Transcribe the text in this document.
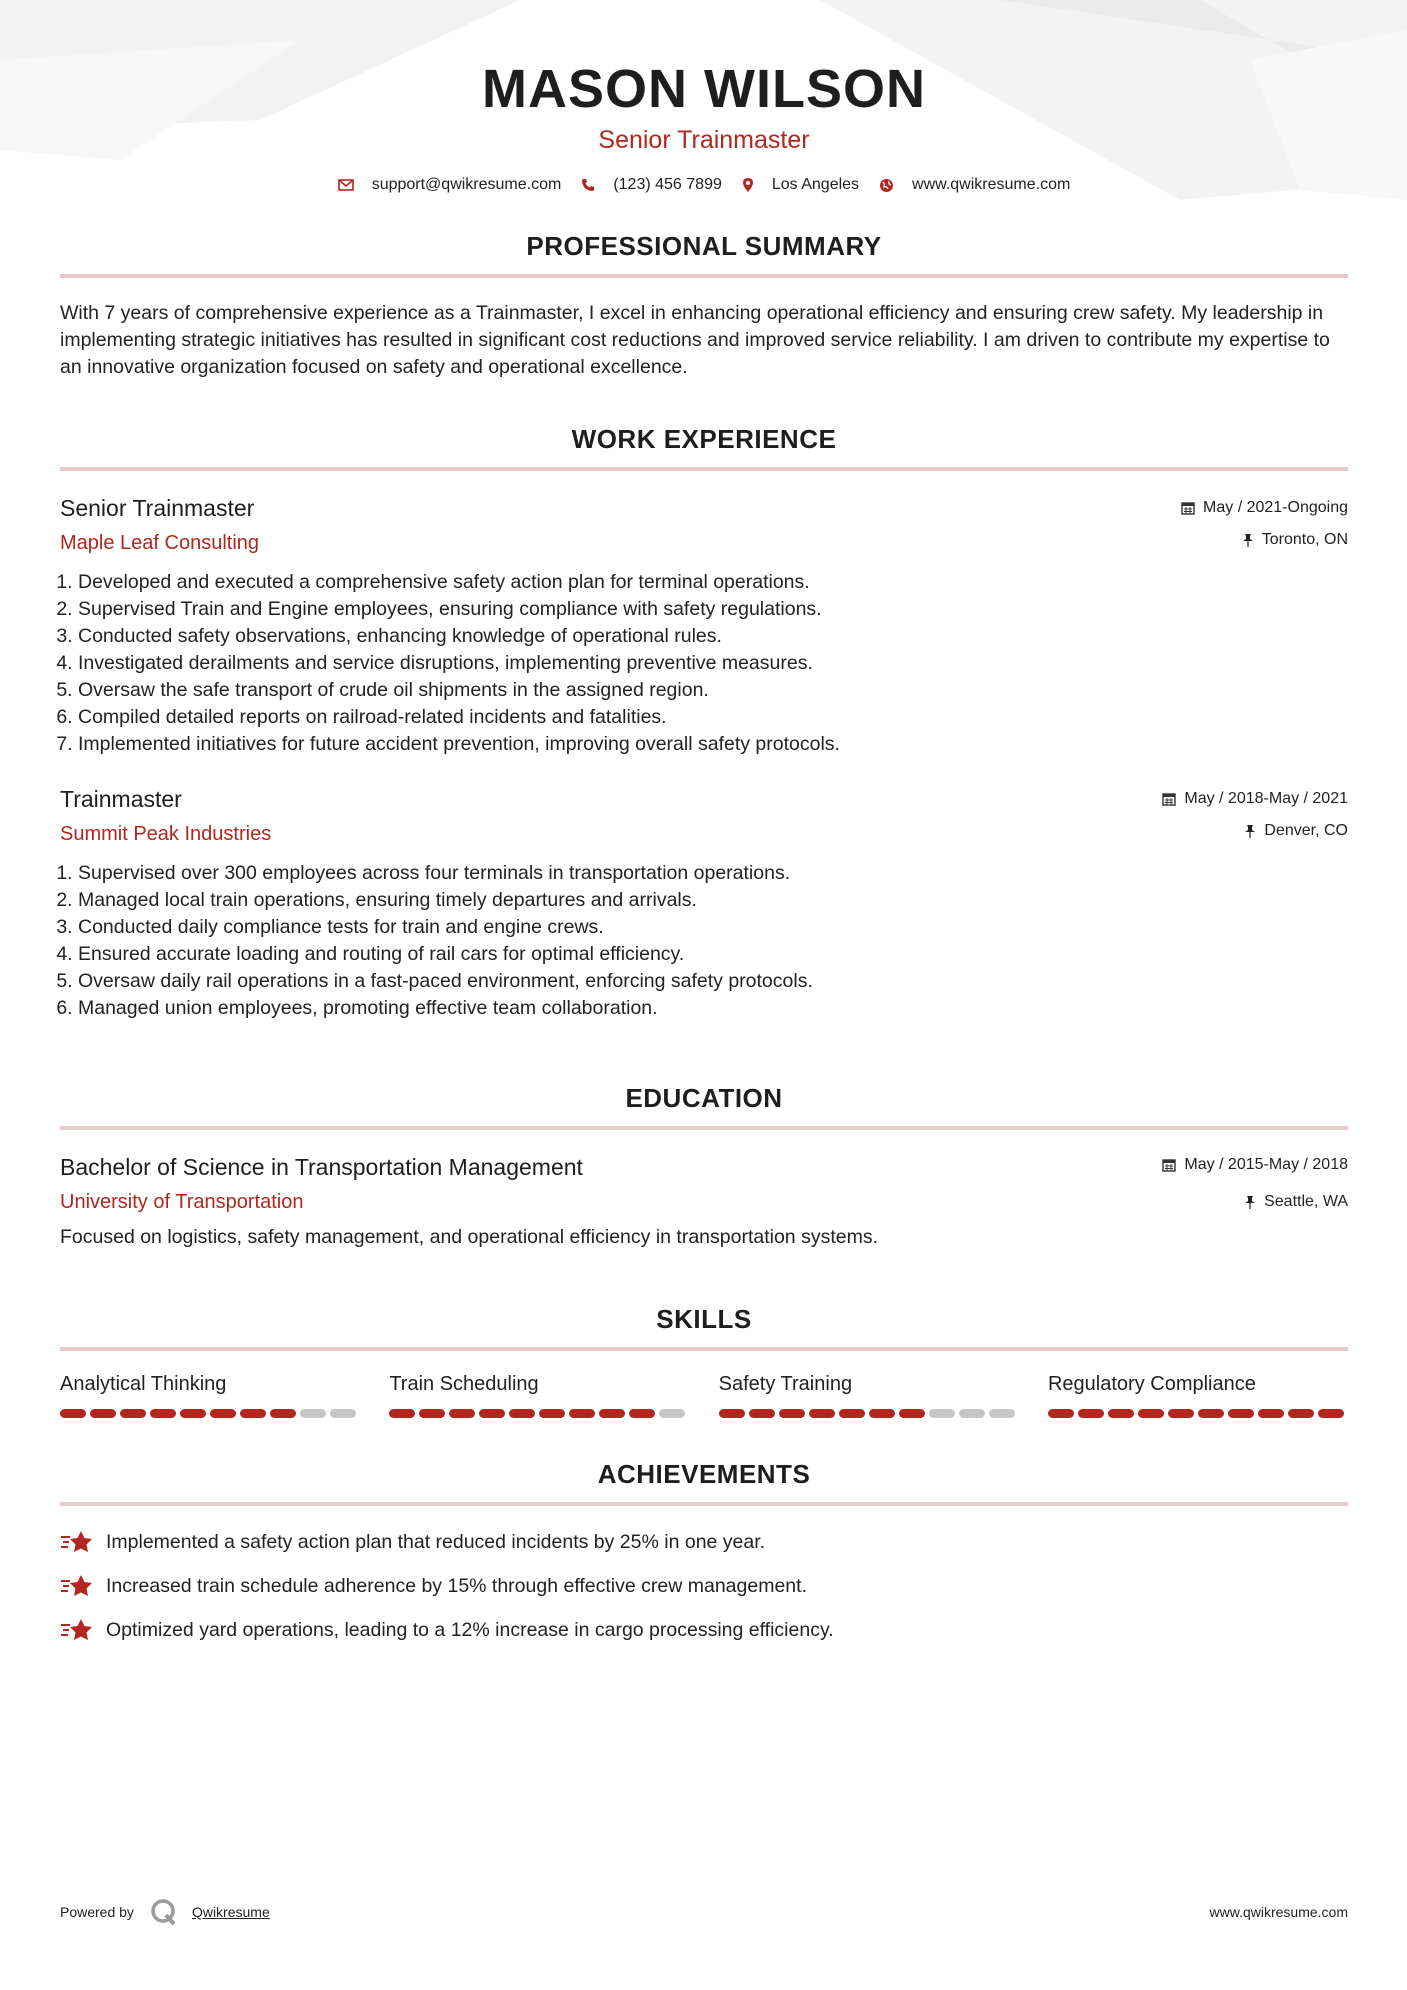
MASON WILSON
Senior Trainmaster
support@qwikresume.com	(123) 456 7899	Los Angeles	www.qwikresume.com
PROFESSIONAL SUMMARY
With 7 years of comprehensive experience as a Trainmaster, I excel in enhancing operational efficiency and ensuring crew safety. My leadership in implementing strategic initiatives has resulted in significant cost reductions and improved service reliability. I am driven to contribute my expertise to an innovative organization focused on safety and operational excellence.
WORK EXPERIENCE
May / 2021-Ongoing
Toronto, ON
Senior Trainmaster
Maple Leaf Consulting
1. Developed and executed a comprehensive safety action plan for terminal operations.
2. Supervised Train and Engine employees, ensuring compliance with safety regulations.
3. Conducted safety observations, enhancing knowledge of operational rules.
4. Investigated derailments and service disruptions, implementing preventive measures.
5. Oversaw the safe transport of crude oil shipments in the assigned region.
6. Compiled detailed reports on railroad-related incidents and fatalities.
7. Implemented initiatives for future accident prevention, improving overall safety protocols.
May / 2018-May / 2021
Denver, CO
Trainmaster
Summit Peak Industries
1. Supervised over 300 employees across four terminals in transportation operations.
2. Managed local train operations, ensuring timely departures and arrivals.
3. Conducted daily compliance tests for train and engine crews.
4. Ensured accurate loading and routing of rail cars for optimal efficiency.
5. Oversaw daily rail operations in a fast-paced environment, enforcing safety protocols.
6. Managed union employees, promoting effective team collaboration.
EDUCATION
May / 2015-May / 2018
Seattle, WA
Bachelor of Science in Transportation Management
University of Transportation
Focused on logistics, safety management, and operational efficiency in transportation systems.
SKILLS
Analytical Thinking	Train Scheduling	Safety Training	Regulatory Compliance
ACHIEVEMENTS
Implemented a safety action plan that reduced incidents by 25% in one year.
Increased train schedule adherence by 15% through effective crew management.
Optimized yard operations, leading to a 12% increase in cargo processing efficiency.
Powered by	Qwikresume	www.qwikresume.com
